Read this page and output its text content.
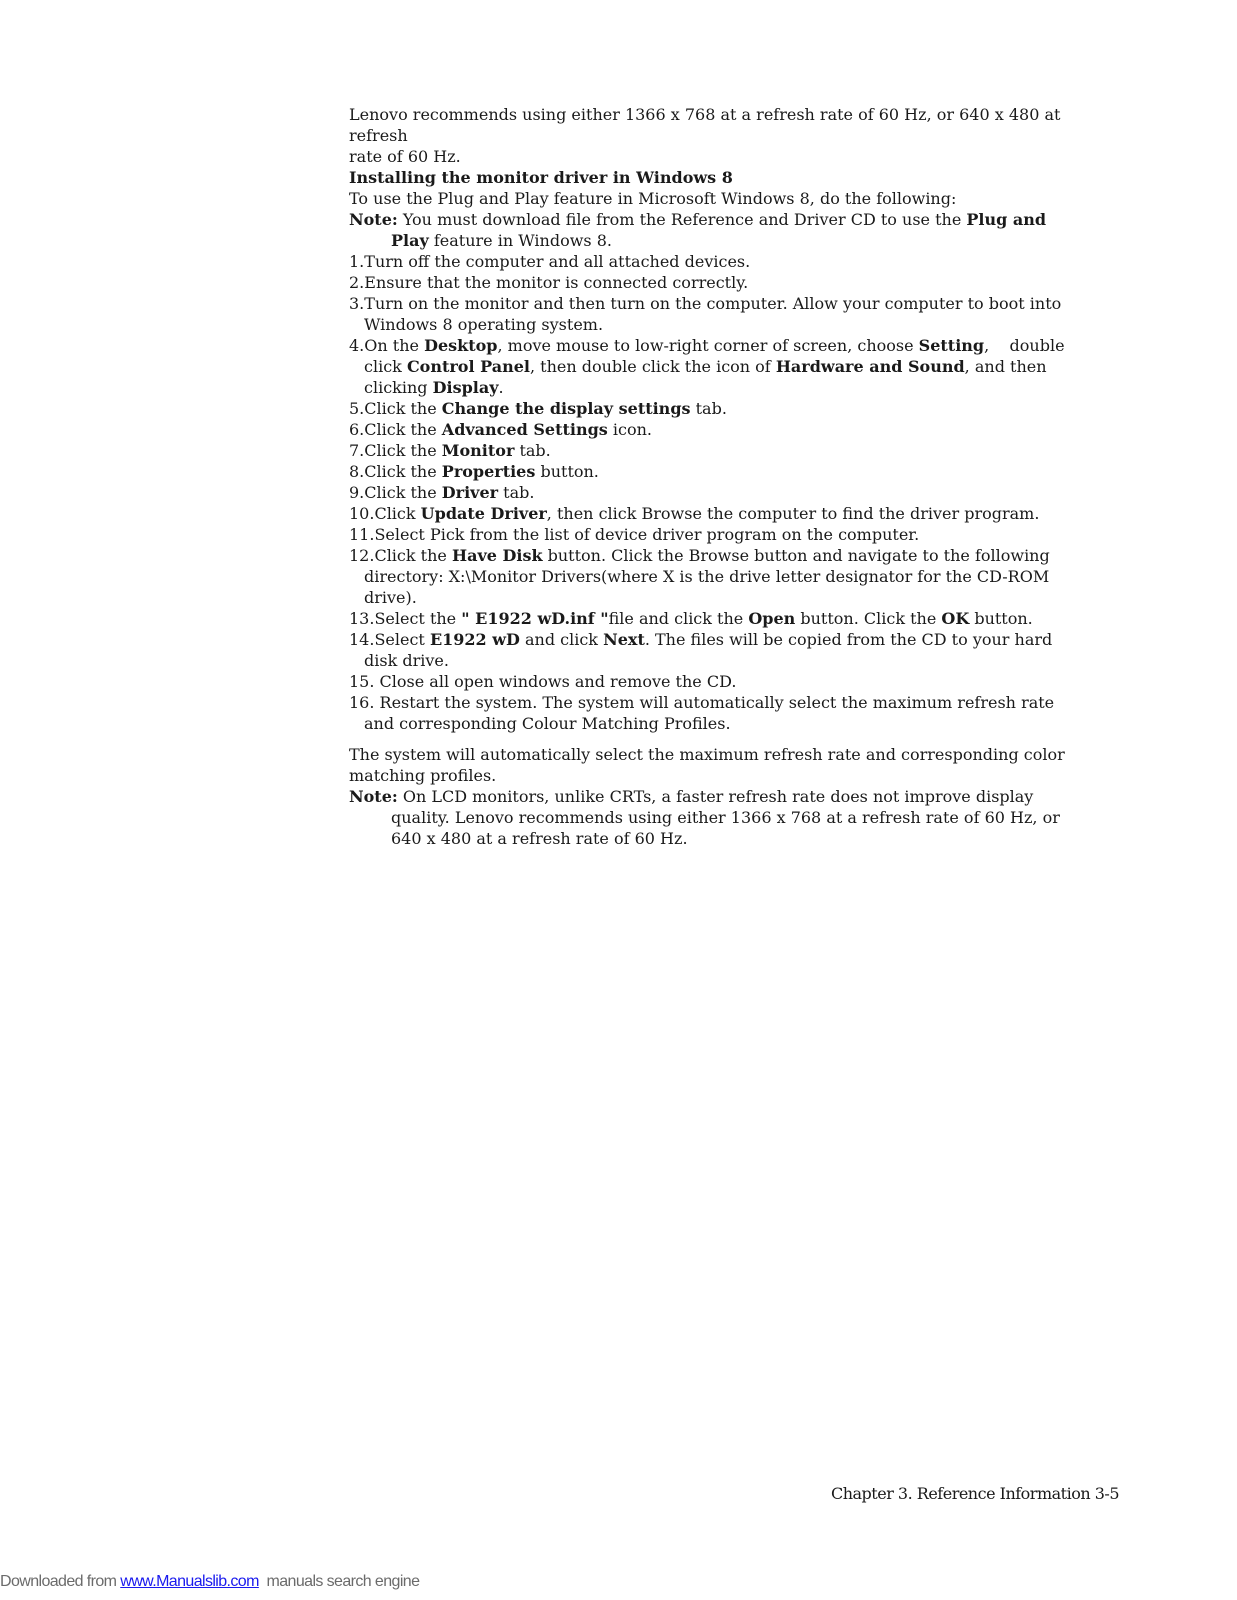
Lenovo recommends using either 1366 x 768 at a refresh rate of 60 Hz, or 640 x 480 at refresh

rate of 60 Hz.

Installing the monitor driver in Windows 8

To use the Plug and Play feature in Microsoft Windows 8, do the following:

Note: You must download file from the Reference and Driver CD to use the Plug and Play feature in Windows 8.

1.Turn off the computer and all attached devices.

2.Ensure that the monitor is connected correctly.

3.Turn on the monitor and then turn on the computer. Allow your computer to boot into Windows 8 operating system.

4.On the Desktop, move mouse to low-right corner of screen, choose Setting,    double click Control Panel, then double click the icon of Hardware and Sound, and then clicking Display.

5.Click the Change the display settings tab.

6.Click the Advanced Settings icon.

7.Click the Monitor tab.

8.Click the Properties button.

9.Click the Driver tab.

10.Click Update Driver, then click Browse the computer to find the driver program.

11.Select Pick from the list of device driver program on the computer.

12.Click the Have Disk button. Click the Browse button and navigate to the following directory: X:\Monitor Drivers(where X is the drive letter designator for the CD-ROM drive).

13.Select the " E1922 wD.inf "file and click the Open button. Click the OK button.

14.Select E1922 wD and click Next. The files will be copied from the CD to your hard disk drive.

15. Close all open windows and remove the CD.

16. Restart the system. The system will automatically select the maximum refresh rate and corresponding Colour Matching Profiles.

The system will automatically select the maximum refresh rate and corresponding color matching profiles.

Note: On LCD monitors, unlike CRTs, a faster refresh rate does not improve display quality. Lenovo recommends using either 1366 x 768 at a refresh rate of 60 Hz, or 640 x 480 at a refresh rate of 60 Hz.

Chapter 3. Reference Information 3-5
Downloaded from www.Manualslib.com  manuals search engine
